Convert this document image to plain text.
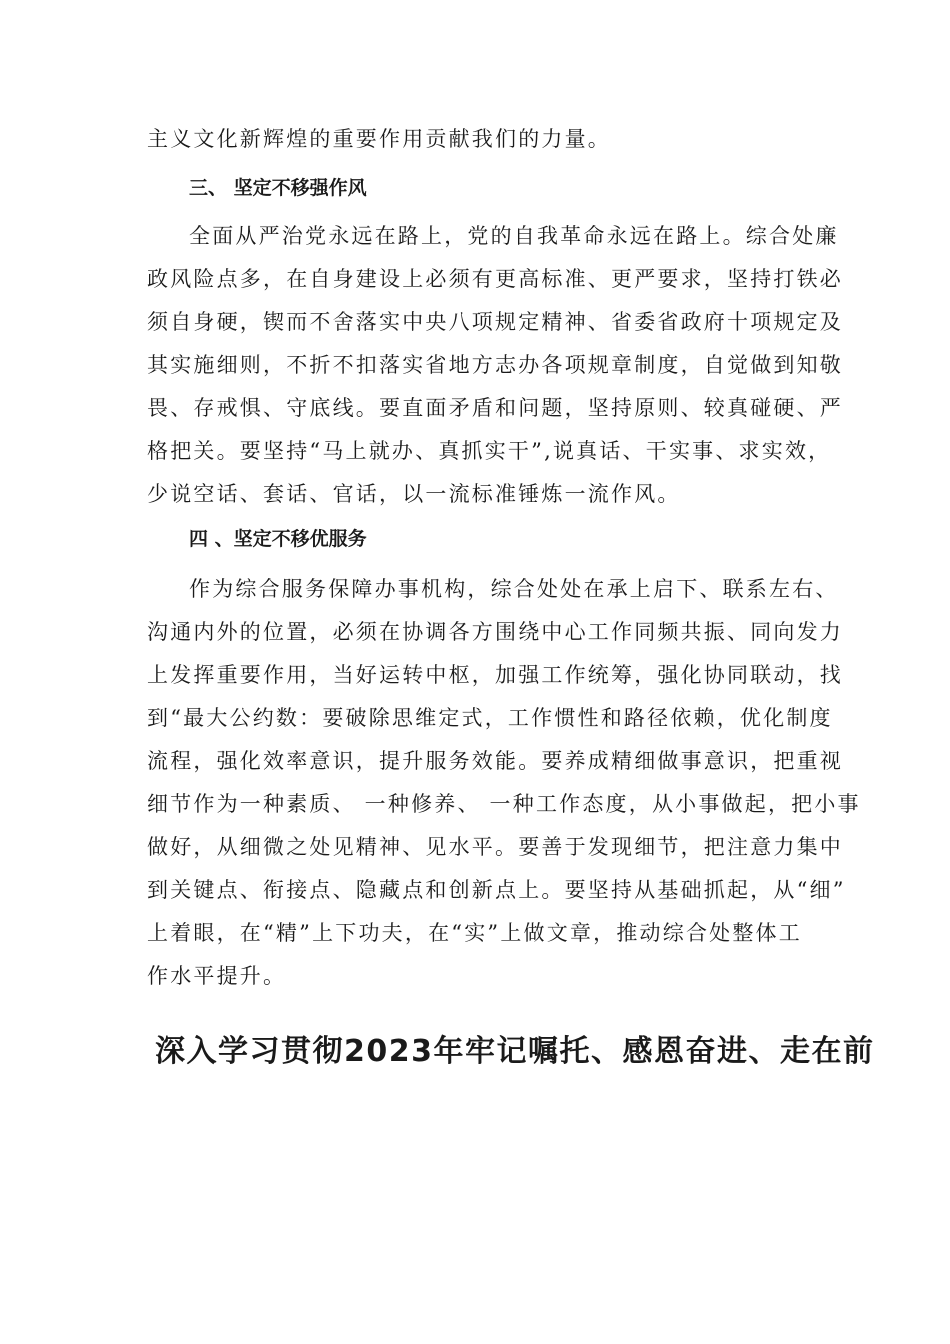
主义文化新辉煌的重要作用贡献我们的力量。
三、 坚定不移强作风
全面从严治党永远在路上，党的自我革命永远在路上。综合处廉
政风险点多，在自身建设上必须有更高标准、更严要求，坚持打铁必
须自身硬，锲而不舍落实中央八项规定精神、省委省政府十项规定及
其实施细则，不折不扣落实省地方志办各项规章制度，自觉做到知敬
畏、存戒惧、守底线。要直面矛盾和问题，坚持原则、较真碰硬、严
格把关。要坚持“马上就办、真抓实干”,说真话、干实事、求实效，
少说空话、套话、官话，以一流标准锤炼一流作风。
四 、坚定不移优服务
作为综合服务保障办事机构，综合处处在承上启下、联系左右、
沟通内外的位置，必须在协调各方围绕中心工作同频共振、同向发力
上发挥重要作用，当好运转中枢，加强工作统筹，强化协同联动，找
到“最大公约数：要破除思维定式，工作惯性和路径依赖，优化制度
流程，强化效率意识，提升服务效能。要养成精细做事意识，把重视
细节作为一种素质、 一种修养、 一种工作态度，从小事做起，把小事
做好，从细微之处见精神、见水平。要善于发现细节，把注意力集中
到关键点、衔接点、隐藏点和创新点上。要坚持从基础抓起，从“细”
上着眼，在“精”上下功夫，在“实”上做文章，推动综合处整体工
作水平提升。
深入学习贯彻2023年牢记嘱托、感恩奋进、走在前
